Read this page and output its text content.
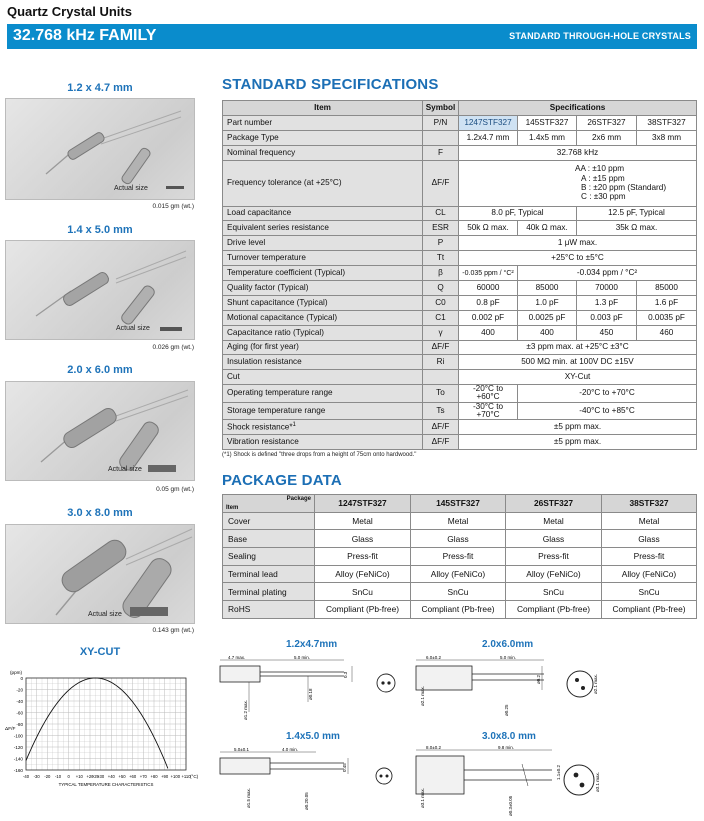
Quartz Crystal Units
32.768 kHz FAMILY	STANDARD THROUGH-HOLE CRYSTALS
1.2 x 4.7 mm
Actual size
0.015 gm (wt.)
1.4 x 5.0 mm
Actual size
0.026 gm (wt.)
2.0 x 6.0 mm
Actual size
0.05 gm (wt.)
3.0 x 8.0 mm
Actual size
0.143 gm (wt.)
XY-CUT
0
-20
-40
-60
-80
-100
-120
-140
-160
-40 -30 -20 -10 0 +10 +20
+25
+30 +40 +50 +60 +70 +80 +90 +100 +110
(ppm)
ΔF/F
(°C)
TYPICAL TEMPERATURE CHARACTERISTICS
STANDARD SPECIFICATIONS
Item	Symbol	Specifications			
Part number	P/N	1247STF327	145STF327	26STF327	38STF327
Package Type		1.2x4.7 mm	1.4x5 mm	2x6 mm	3x8 mm
Nominal frequency	F	32.768 kHz			
Frequency tolerance (at +25°C)	ΔF/F	AA : ±10 ppm
A : ±15 ppm
B : ±20 ppm (Standard)
C : ±30 ppm			

Load capacitance	CL	8.0 pF, Typical		12.5 pF, Typical	
Equivalent series resistance	ESR	50k Ω max.	40k Ω max.	35k Ω max.	
Drive level	P	1 μW max.			
Turnover temperature	Tt	+25°C to ±5°C			
Temperature coefficient (Typical)	β	-0.035 ppm / °C²	-0.034 ppm / °C²		
Quality factor (Typical)	Q	60000	85000	70000	85000
Shunt capacitance (Typical)	C0	0.8 pF	1.0 pF	1.3 pF	1.6 pF
Motional capacitance (Typical)	C1	0.002 pF	0.0025 pF	0.003 pF	0.0035 pF
Capacitance ratio (Typical)	γ	400	400	450	460
Aging (for first year)	ΔF/F	±3 ppm max. at +25°C ±3°C			
Insulation resistance	Ri	500 MΩ min. at 100V DC ±15V			
Cut		XY-Cut			
Operating temperature range	To	-20°C to +60°C	-20°C to +70°C		
Storage temperature range	Ts	-30°C to +70°C	-40°C to +85°C		
Shock resistance*$^1$	ΔF/F	±5 ppm max.			
Vibration resistance	ΔF/F	±5 ppm max.			
(*1) Shock is defined "three drops from a height of 75cm onto hardwood."
PACKAGE DATA
Package
Item	1247STF327	145STF327	26STF327	38STF327
Cover	Metal	Metal	Metal	Metal
Base	Glass	Glass	Glass	Glass
Sealing	Press-fit	Press-fit	Press-fit	Press-fit
Terminal lead	Alloy (FeNiCo)	Alloy (FeNiCo)	Alloy (FeNiCo)	Alloy (FeNiCo)
Terminal plating	SnCu	SnCu	SnCu	SnCu
RoHS	Compliant (Pb-free)	Compliant (Pb-free)	Compliant (Pb-free)	Compliant (Pb-free)
1.2x4.7mm
4.7 max.	5.0 min.
0.3
ø1.2 max.
ø0.18
2.0x6.0mm
6.0±0.2	5.0 min.
ø0.2
ø2.1 max.
ø0.25
ø2.1 max.
1.4x5.0 mm
5.0±0.1	4.0 min.
0.45
ø1.5 max.	ø0.20.05
3.0x8.0 mm
8.0±0.2	9.8 min.
1.1±0.2
ø3.1 max.	ø0.3±0.05
ø3.1 max.
